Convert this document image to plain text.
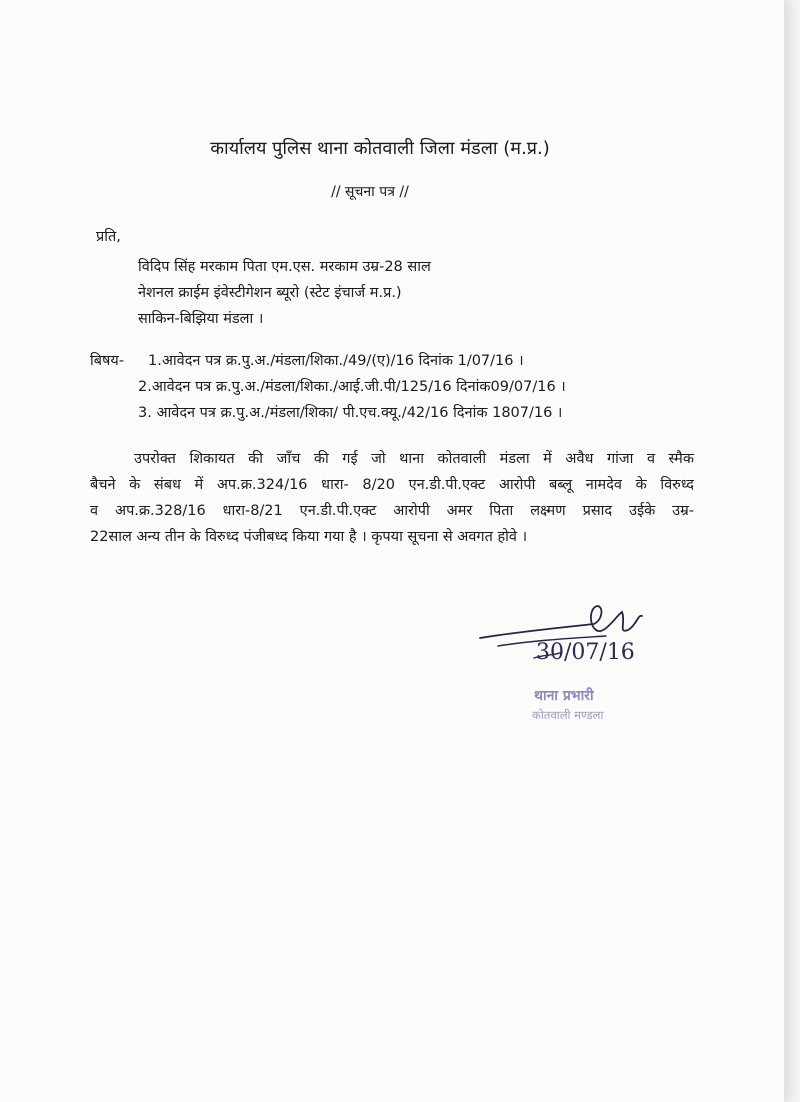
कार्यालय पुलिस थाना कोतवाली जिला मंडला (म.प्र.)
// सूचना पत्र //
प्रति,
विदिप सिंह मरकाम पिता एम.एस. मरकाम उम्र-28 साल
नेशनल क्राईम इंवेस्टीगेशन ब्यूरो (स्टेट इंचार्ज म.प्र.)
साकिन-बिझिया मंडला ।
बिषय- 1.आवेदन पत्र क्र.पु.अ./मंडला/शिका./49/(ए)/16 दिनांक 1/07/16 ।
2.आवेदन पत्र क्र.पु.अ./मंडला/शिका./आई.जी.पी/125/16 दिनांक09/07/16 ।
3. आवेदन पत्र क्र.पु.अ./मंडला/शिका/ पी.एच.क्यू./42/16 दिनांक 1807/16 ।
उपरोक्त शिकायत की जाँच की गई जो थाना कोतवाली मंडला में अवैध गांजा व स्मैक
बैचने के संबध में अप.क्र.324/16 धारा- 8/20 एन.डी.पी.एक्ट आरोपी बब्लू नामदेव के विरुध्द
व अप.क्र.328/16 धारा-8/21 एन.डी.पी.एक्ट आरोपी अमर पिता लक्ष्मण प्रसाद उईके उम्र-
22साल अन्य तीन के विरुध्द पंजीबध्द किया गया है । कृपया सूचना से अवगत होवे ।
30/07/16
थाना प्रभारी
कोतवाली मण्डला
